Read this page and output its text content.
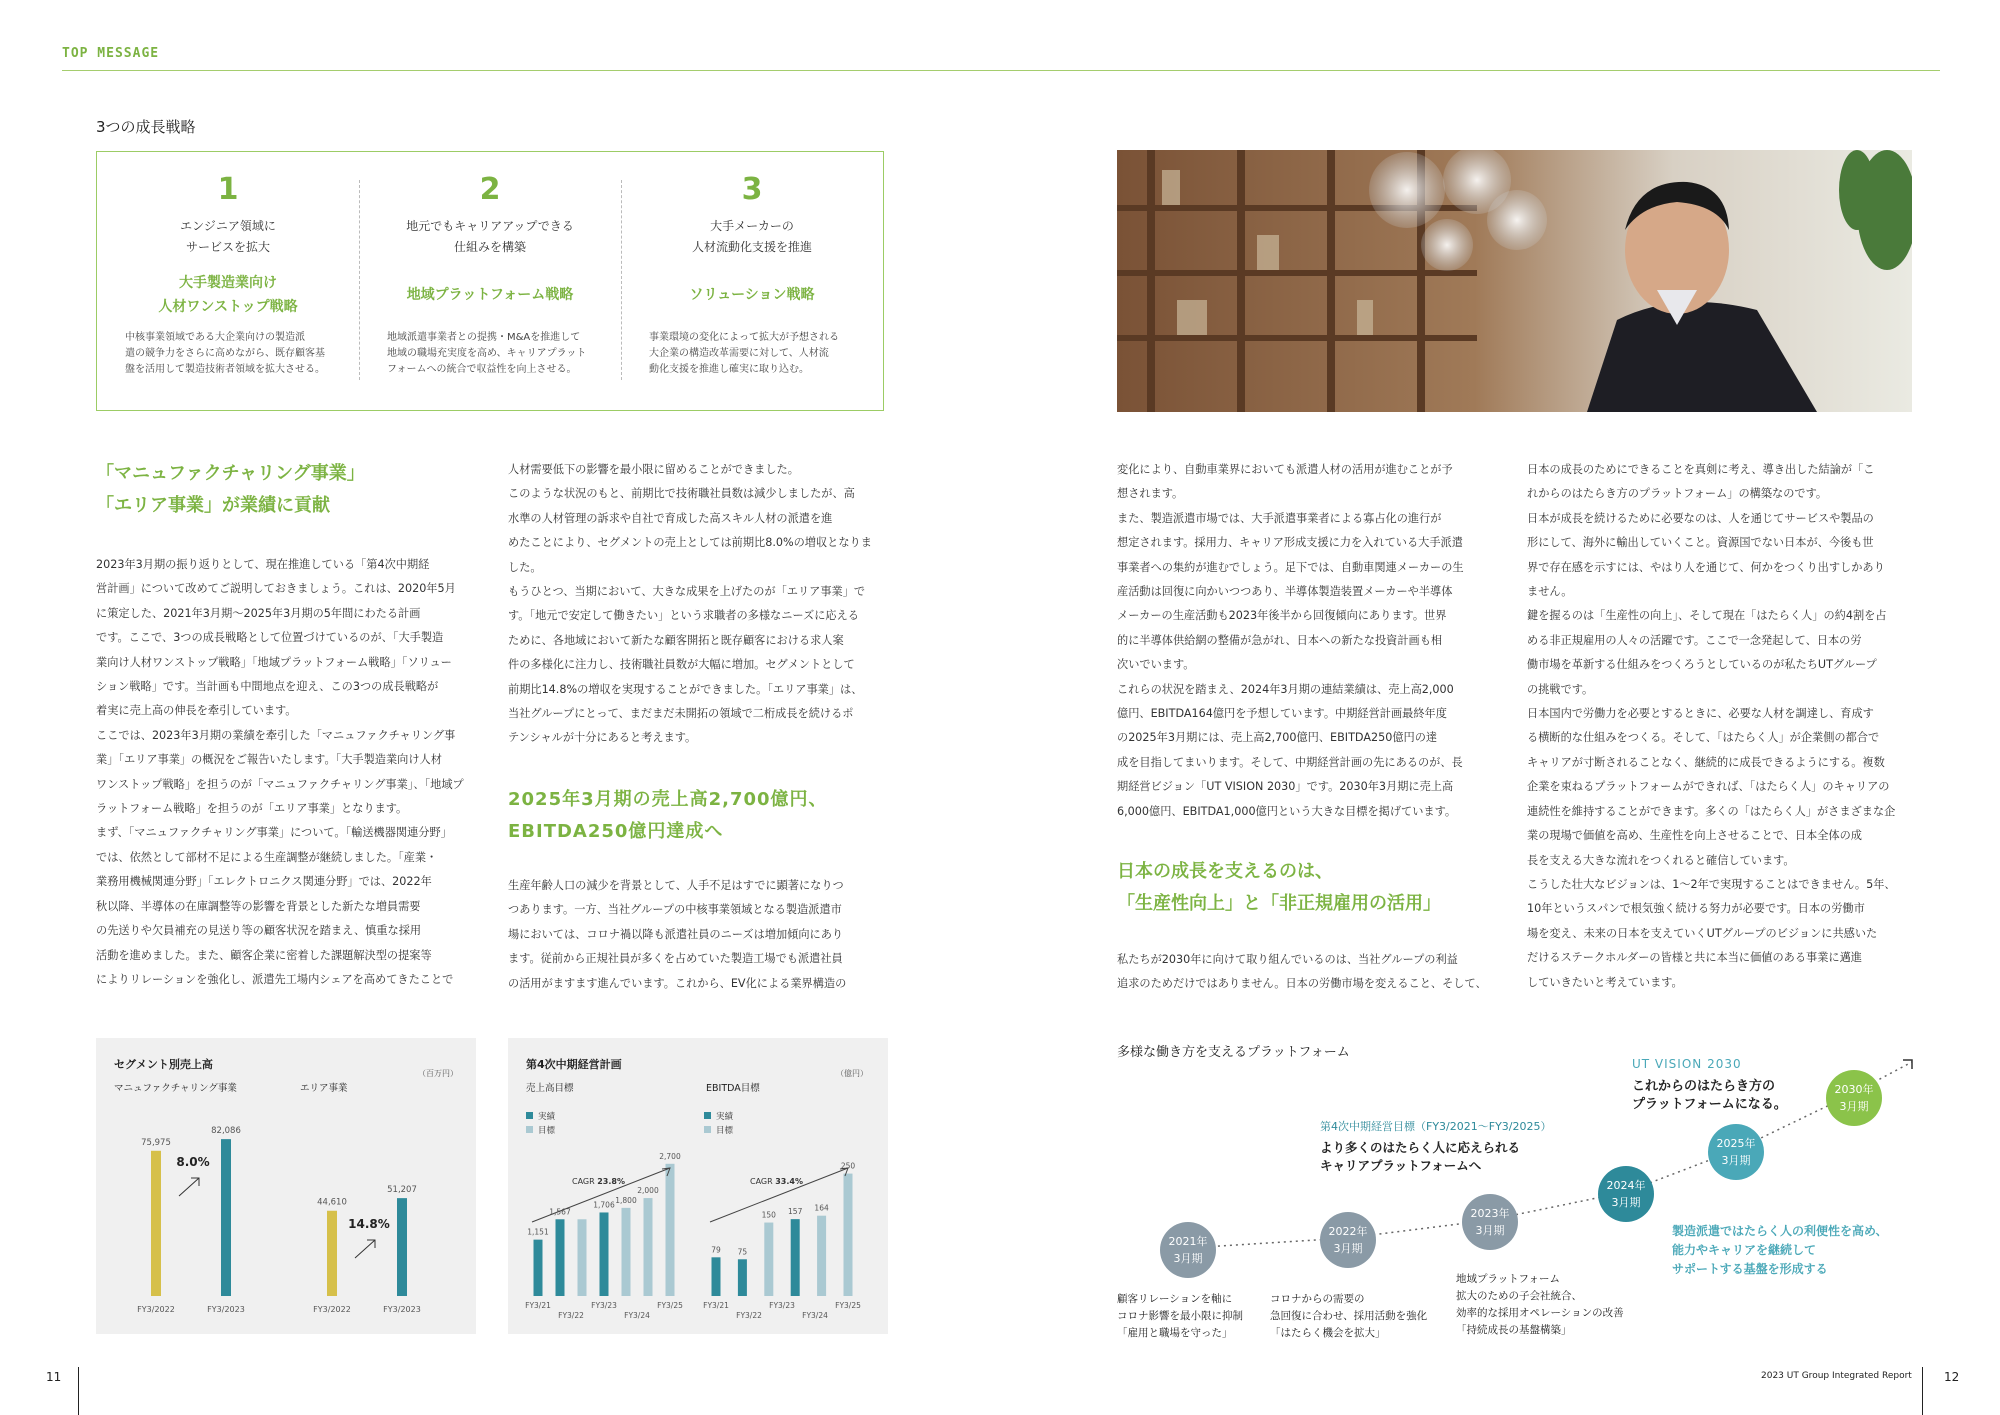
TOP MESSAGE
3つの成長戦略
1
エンジニア領域に
サービスを拡大
大手製造業向け
人材ワンストップ戦略
中核事業領域である大企業向けの製造派
遣の競争力をさらに高めながら、既存顧客基
盤を活用して製造技術者領域を拡大させる。
2
地元でもキャリアアップできる
仕組みを構築
地域プラットフォーム戦略
地域派遣事業者との提携・M&Aを推進して
地域の職場充実度を高め、キャリアプラット
フォームへの統合で収益性を向上させる。
3
大手メーカーの
人材流動化支援を推進
ソリューション戦略
事業環境の変化によって拡大が予想される
大企業の構造改革需要に対して、人材流
動化支援を推進し確実に取り込む。
「マニュファクチャリング事業」
「エリア事業」が業績に貢献
2023年3月期の振り返りとして、現在推進している「第4次中期経
営計画」について改めてご説明しておきましょう。これは、2020年5月
に策定した、2021年3月期～2025年3月期の5年間にわたる計画
です。ここで、3つの成長戦略として位置づけているのが、「大手製造
業向け人材ワンストップ戦略」「地域プラットフォーム戦略」「ソリュー
ション戦略」です。当計画も中間地点を迎え、この3つの成長戦略が
着実に売上高の伸長を牽引しています。
ここでは、2023年3月期の業績を牽引した「マニュファクチャリング事
業」「エリア事業」の概況をご報告いたします。「大手製造業向け人材
ワンストップ戦略」を担うのが「マニュファクチャリング事業」、「地域プ
ラットフォーム戦略」を担うのが「エリア事業」となります。
まず、「マニュファクチャリング事業」について。「輸送機器関連分野」
では、依然として部材不足による生産調整が継続しました。「産業・
業務用機械関連分野」「エレクトロニクス関連分野」では、2022年
秋以降、半導体の在庫調整等の影響を背景とした新たな増員需要
の先送りや欠員補充の見送り等の顧客状況を踏まえ、慎重な採用
活動を進めました。また、顧客企業に密着した課題解決型の提案等
によりリレーションを強化し、派遣先工場内シェアを高めてきたことで
人材需要低下の影響を最小限に留めることができました。
このような状況のもと、前期比で技術職社員数は減少しましたが、高
水準の人材管理の訴求や自社で育成した高スキル人材の派遣を進
めたことにより、セグメントの売上としては前期比8.0%の増収となりま
した。
もうひとつ、当期において、大きな成果を上げたのが「エリア事業」で
す。「地元で安定して働きたい」という求職者の多様なニーズに応える
ために、各地域において新たな顧客開拓と既存顧客における求人案
件の多様化に注力し、技術職社員数が大幅に増加。セグメントとして
前期比14.8%の増収を実現することができました。「エリア事業」は、
当社グループにとって、まだまだ未開拓の領域で二桁成長を続けるポ
テンシャルが十分にあると考えます。
2025年3月期の売上高2,700億円、
EBITDA250億円達成へ
生産年齢人口の減少を背景として、人手不足はすでに顕著になりつ
つあります。一方、当社グループの中核事業領域となる製造派遣市
場においては、コロナ禍以降も派遣社員のニーズは増加傾向にあり
ます。従前から正規社員が多くを占めていた製造工場でも派遣社員
の活用がますます進んでいます。これから、EV化による業界構造の
変化により、自動車業界においても派遣人材の活用が進むことが予
想されます。
また、製造派遣市場では、大手派遣事業者による寡占化の進行が
想定されます。採用力、キャリア形成支援に力を入れている大手派遣
事業者への集約が進むでしょう。足下では、自動車関連メーカーの生
産活動は回復に向かいつつあり、半導体製造装置メーカーや半導体
メーカーの生産活動も2023年後半から回復傾向にあります。世界
的に半導体供給網の整備が急がれ、日本への新たな投資計画も相
次いでいます。
これらの状況を踏まえ、2024年3月期の連結業績は、売上高2,000
億円、EBITDA164億円を予想しています。中期経営計画最終年度
の2025年3月期には、売上高2,700億円、EBITDA250億円の達
成を目指してまいります。そして、中期経営計画の先にあるのが、長
期経営ビジョン「UT VISION 2030」です。2030年3月期に売上高
6,000億円、EBITDA1,000億円という大きな目標を掲げています。
日本の成長を支えるのは、
「生産性向上」と「非正規雇用の活用」
私たちが2030年に向けて取り組んでいるのは、当社グループの利益
追求のためだけではありません。日本の労働市場を変えること、そして、
日本の成長のためにできることを真剣に考え、導き出した結論が「こ
れからのはたらき方のプラットフォーム」の構築なのです。
日本が成長を続けるために必要なのは、人を通じてサービスや製品の
形にして、海外に輸出していくこと。資源国でない日本が、今後も世
界で存在感を示すには、やはり人を通じて、何かをつくり出すしかあり
ません。
鍵を握るのは「生産性の向上」、そして現在「はたらく人」の約4割を占
める非正規雇用の人々の活躍です。ここで一念発起して、日本の労
働市場を革新する仕組みをつくろうとしているのが私たちUTグループ
の挑戦です。
日本国内で労働力を必要とするときに、必要な人材を調達し、育成す
る横断的な仕組みをつくる。そして、「はたらく人」が企業側の都合で
キャリアが寸断されることなく、継続的に成長できるようにする。複数
企業を束ねるプラットフォームができれば、「はたらく人」のキャリアの
連続性を維持することができます。多くの「はたらく人」がさまざまな企
業の現場で価値を高め、生産性を向上させることで、日本全体の成
長を支える大きな流れをつくれると確信しています。
こうした壮大なビジョンは、1～2年で実現することはできません。5年、
10年というスパンで根気強く続ける努力が必要です。日本の労働市
場を変え、未来の日本を支えていくUTグループのビジョンに共感いた
だけるステークホルダーの皆様と共に本当に価値のある事業に邁進
していきたいと考えています。
セグメント別売上高
（百万円）
マニュファクチャリング事業	エリア事業
75,975
FY3/2022
82,086
FY3/2023
8.0%
44,610
FY3/2022
51,207
FY3/2023
14.8%
第4次中期経営計画
（億円）
売上高目標	EBITDA目標
実績
目標
1,151
1,567
1,706
1,800
2,000
2,700
CAGR 23.8%
FY3/21	FY3/23	FY3/25
FY3/22	FY3/24
実績
目標
79 75
150 157 164
250
CAGR 33.4%
FY3/21	FY3/23	FY3/25
FY3/22	FY3/24
多様な働き方を支えるプラットフォーム
UT VISION 2030
これからのはたらき方の
プラットフォームになる。
第4次中期経営目標（FY3/2021～FY3/2025）
より多くのはたらく人に応えられる
キャリアプラットフォームへ
製造派遣ではたらく人の利便性を高め、
能力やキャリアを継続して
サポートする基盤を形成する
2021年
3月期
2022年
3月期
2023年
3月期
2024年
3月期
2025年
3月期
2030年
3月期
顧客リレーションを軸に
コロナ影響を最小限に抑制
「雇用と職場を守った」
コロナからの需要の
急回復に合わせ、採用活動を強化
「はたらく機会を拡大」
地域プラットフォーム
拡大のための子会社統合、
効率的な採用オペレーションの改善
「持続成長の基盤構築」
11	2023 UT Group Integrated Report	12
